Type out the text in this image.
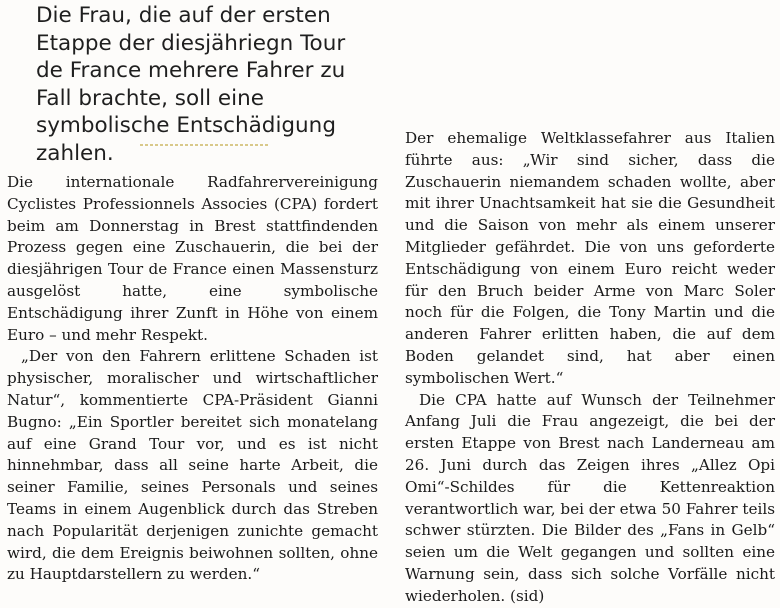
Die Frau, die auf der ersten Etappe der diesjähriegn Tour de France mehrere Fahrer zu Fall brachte, soll eine symbolische Entschädigung zahlen.

Die internationale Radfahrervereinigung Cyclistes Professionnels Associes (CPA) fordert beim am Donnerstag in Brest stattfindenden Prozess gegen eine Zuschauerin, die bei der diesjährigen Tour de France einen Massensturz ausgelöst hatte, eine symbolische Entschädigung ihrer Zunft in Höhe von einem Euro – und mehr Respekt.

„Der von den Fahrern erlittene Schaden ist physischer, moralischer und wirtschaftlicher Natur“, kommentierte CPA-Präsident Gianni Bugno: „Ein Sportler bereitet sich monatelang auf eine Grand Tour vor, und es ist nicht hinnehmbar, dass all seine harte Arbeit, die seiner Familie, seines Personals und seines Teams in einem Augenblick durch das Streben nach Popularität derjenigen zunichte gemacht wird, die dem Ereignis beiwohnen sollten, ohne zu Hauptdarstellern zu werden.“

Der ehemalige Weltklassefahrer aus Italien führte aus: „Wir sind sicher, dass die Zuschauerin niemandem schaden wollte, aber mit ihrer Unachtsamkeit hat sie die Gesundheit und die Saison von mehr als einem unserer Mitglieder gefährdet. Die von uns geforderte Entschädigung von einem Euro reicht weder für den Bruch beider Arme von Marc Soler noch für die Folgen, die Tony Martin und die anderen Fahrer erlitten haben, die auf dem Boden gelandet sind, hat aber einen symbolischen Wert.“

Die CPA hatte auf Wunsch der Teilnehmer Anfang Juli die Frau angezeigt, die bei der ersten Etappe von Brest nach Landerneau am 26. Juni durch das Zeigen ihres „Allez Opi Omi“-Schildes für die Kettenreaktion verantwortlich war, bei der etwa 50 Fahrer teils schwer stürzten. Die Bilder des „Fans in Gelb“ seien um die Welt gegangen und sollten eine Warnung sein, dass sich solche Vorfälle nicht wiederholen. (sid)
